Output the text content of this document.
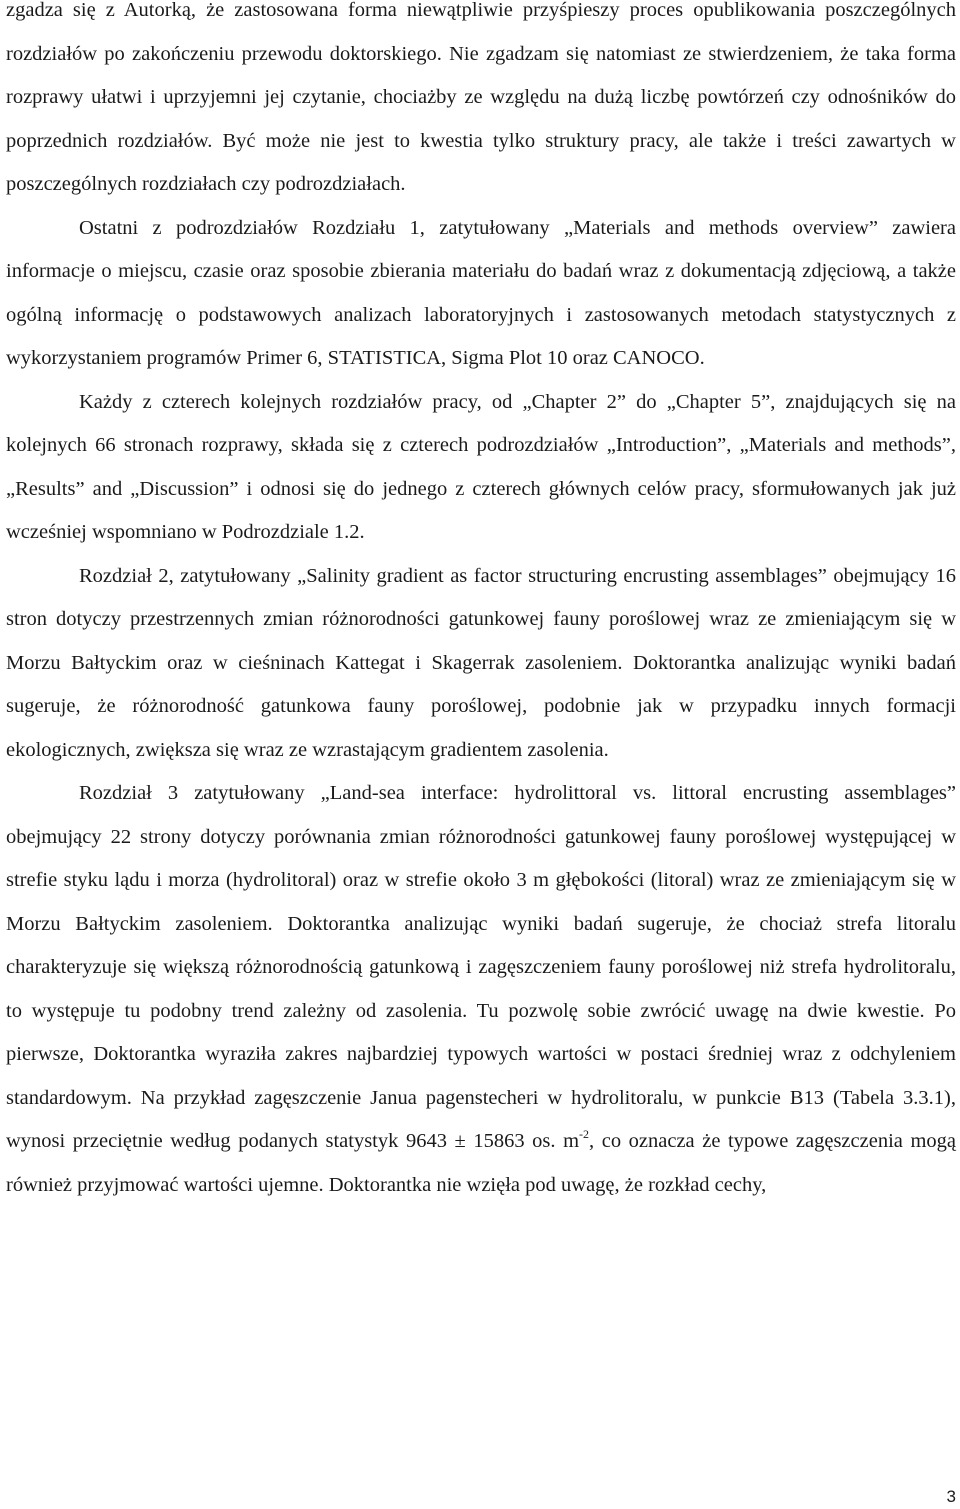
zgadza się z Autorką, że zastosowana forma niewątpliwie przyśpieszy proces opublikowania poszczególnych rozdziałów po zakończeniu przewodu doktorskiego. Nie zgadzam się natomiast ze stwierdzeniem, że taka forma rozprawy ułatwi i uprzyjemni jej czytanie, chociażby ze względu na dużą liczbę powtórzeń czy odnośników do poprzednich rozdziałów. Być może nie jest to kwestia tylko struktury pracy, ale także i treści zawartych w poszczególnych rozdziałach czy podrozdziałach.

Ostatni z podrozdziałów Rozdziału 1, zatytułowany „Materials and methods overview” zawiera informacje o miejscu, czasie oraz sposobie zbierania materiału do badań wraz z dokumentacją zdjęciową, a także ogólną informację o podstawowych analizach laboratoryjnych i zastosowanych metodach statystycznych z wykorzystaniem programów Primer 6, STATISTICA, Sigma Plot 10 oraz CANOCO.

Każdy z czterech kolejnych rozdziałów pracy, od „Chapter 2” do „Chapter 5”, znajdujących się na kolejnych 66 stronach rozprawy, składa się z czterech podrozdziałów „Introduction”, „Materials and methods”, „Results” and „Discussion” i odnosi się do jednego z czterech głównych celów pracy, sformułowanych jak już wcześniej wspomniano w Podrozdziale 1.2.

Rozdział 2, zatytułowany „Salinity gradient as factor structuring encrusting assemblages” obejmujący 16 stron dotyczy przestrzennych zmian różnorodności gatunkowej fauny poroślowej wraz ze zmieniającym się w Morzu Bałtyckim oraz w cieśninach Kattegat i Skagerrak zasoleniem. Doktorantka analizując wyniki badań sugeruje, że różnorodność gatunkowa fauny poroślowej, podobnie jak w przypadku innych formacji ekologicznych, zwiększa się wraz ze wzrastającym gradientem zasolenia.

Rozdział 3 zatytułowany „Land-sea interface: hydrolittoral vs. littoral encrusting assemblages” obejmujący 22 strony dotyczy porównania zmian różnorodności gatunkowej fauny poroślowej występującej w strefie styku lądu i morza (hydrolitoral) oraz w strefie około 3 m głębokości (litoral) wraz ze zmieniającym się w Morzu Bałtyckim zasoleniem. Doktorantka analizując wyniki badań sugeruje, że chociaż strefa litoralu charakteryzuje się większą różnorodnością gatunkową i zagęszczeniem fauny poroślowej niż strefa hydrolitoralu, to występuje tu podobny trend zależny od zasolenia. Tu pozwolę sobie zwrócić uwagę na dwie kwestie. Po pierwsze, Doktorantka wyraziła zakres najbardziej typowych wartości w postaci średniej wraz z odchyleniem standardowym. Na przykład zagęszczenie Janua pagenstecheri w hydrolitoralu, w punkcie B13 (Tabela 3.3.1), wynosi przeciętnie według podanych statystyk 9643 ± 15863 os. $m^{-2}$, co oznacza że typowe zagęszczenia mogą również przyjmować wartości ujemne. Doktorantka nie wzięła pod uwagę, że rozkład cechy,

3
